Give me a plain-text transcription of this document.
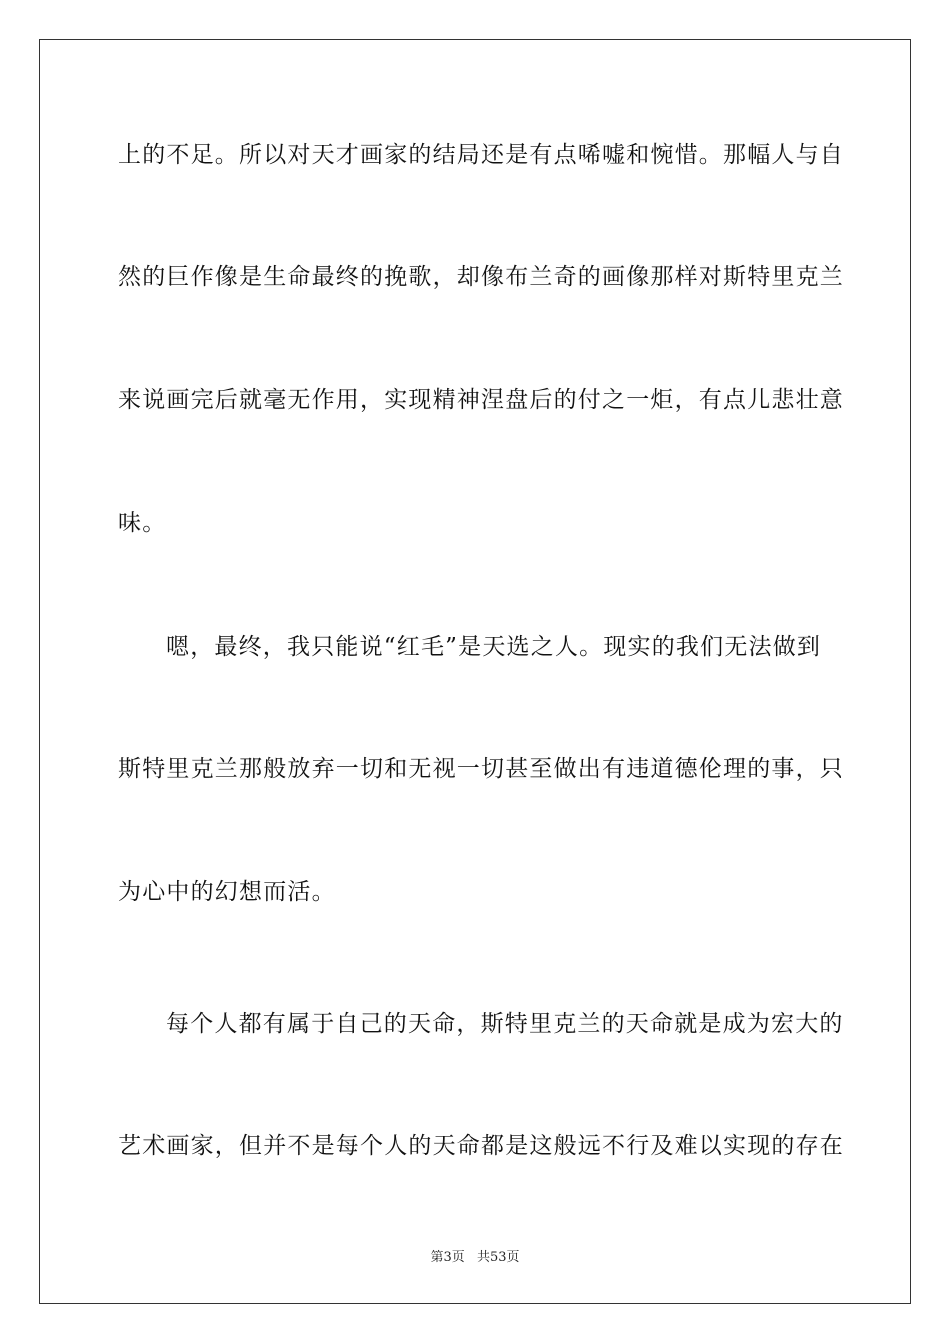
上的不足。所以对天才画家的结局还是有点唏嘘和惋惜。那幅人与自
然的巨作像是生命最终的挽歌，却像布兰奇的画像那样对斯特里克兰
来说画完后就毫无作用，实现精神涅盘后的付之一炬，有点儿悲壮意
味。
嗯，最终，我只能说“红毛”是天选之人。现实的我们无法做到
斯特里克兰那般放弃一切和无视一切甚至做出有违道德伦理的事，只
为心中的幻想而活。
每个人都有属于自己的天命，斯特里克兰的天命就是成为宏大的
艺术画家，但并不是每个人的天命都是这般远不行及难以实现的存在
第3页 共53页
